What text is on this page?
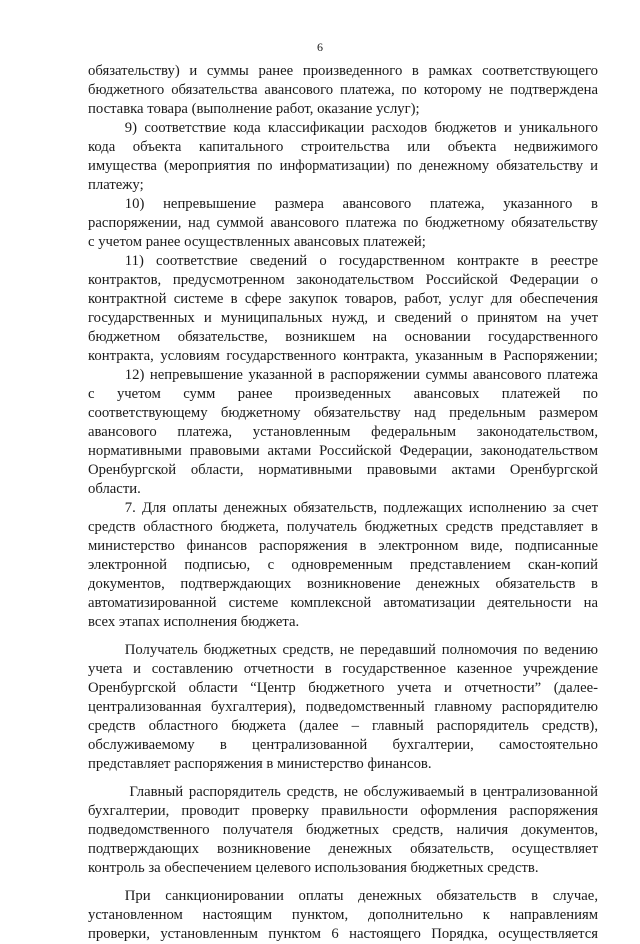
6
обязательству) и суммы ранее произведенного в рамках соответствующего
бюджетного обязательства авансового платежа, по которому не подтверждена
поставка товара (выполнение работ, оказание услуг);
9) соответствие кода классификации расходов бюджетов и уникального
кода объекта капитального строительства или объекта недвижимого
имущества (мероприятия по информатизации) по денежному обязательству и
платежу;
10) непревышение размера авансового платежа, указанного в
распоряжении, над суммой авансового платежа по бюджетному обязательству
с учетом ранее осуществленных авансовых платежей;
11) соответствие сведений о государственном контракте в реестре
контрактов, предусмотренном законодательством Российской Федерации о
контрактной системе в сфере закупок товаров, работ, услуг для обеспечения
государственных и муниципальных нужд, и сведений о принятом на учет
бюджетном обязательстве, возникшем на основании государственного
контракта, условиям государственного контракта, указанным в Распоряжении;
12) непревышение указанной в распоряжении суммы авансового платежа
с учетом сумм ранее произведенных авансовых платежей по
соответствующему бюджетному обязательству над предельным размером
авансового платежа, установленным федеральным законодательством,
нормативными правовыми актами Российской Федерации, законодательством
Оренбургской области, нормативными правовыми актами Оренбургской
области.
7. Для оплаты денежных обязательств, подлежащих исполнению за счет
средств областного бюджета, получатель бюджетных средств представляет в
министерство финансов распоряжения в электронном виде, подписанные
электронной подписью, с одновременным представлением скан-копий
документов, подтверждающих возникновение денежных обязательств в
автоматизированной системе комплексной автоматизации деятельности на
всех этапах исполнения бюджета.
Получатель бюджетных средств, не передавший полномочия по ведению
учета и составлению отчетности в государственное казенное учреждение
Оренбургской области “Центр бюджетного учета и отчетности” (далее-
централизованная бухгалтерия), подведомственный главному распорядителю
средств областного бюджета (далее – главный распорядитель средств),
обслуживаемому в централизованной бухгалтерии, самостоятельно
представляет распоряжения в министерство финансов.
Главный распорядитель средств, не обслуживаемый в централизованной
бухгалтерии, проводит проверку правильности оформления распоряжения
подведомственного получателя бюджетных средств, наличия документов,
подтверждающих возникновение денежных обязательств, осуществляет
контроль за обеспечением целевого использования бюджетных средств.
При санкционировании оплаты денежных обязательств в случае,
установленном настоящим пунктом, дополнительно к направлениям
проверки, установленным пунктом 6 настоящего Порядка, осуществляется
